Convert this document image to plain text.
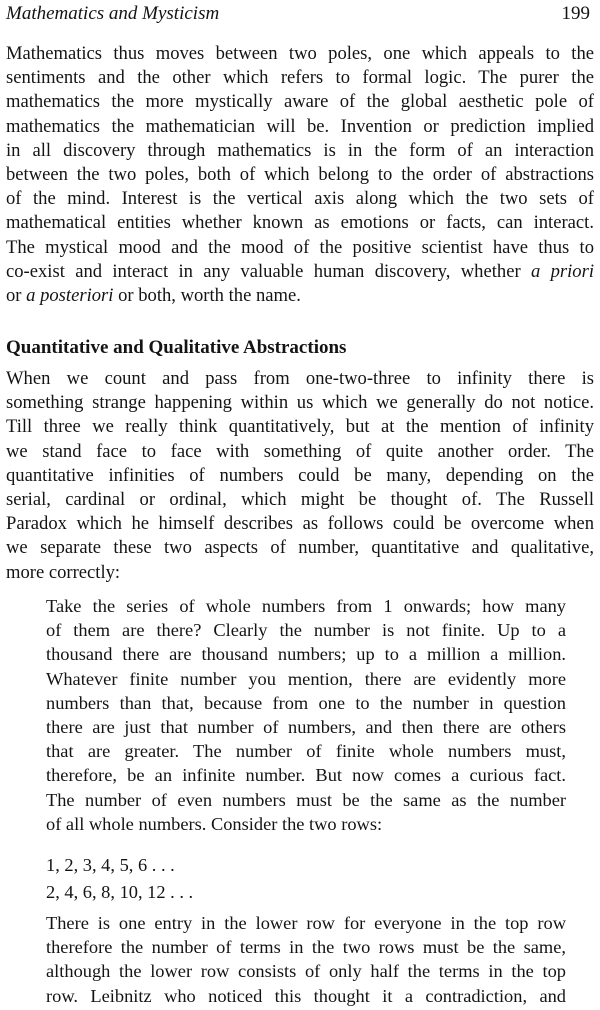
Mathematics and Mysticism	199

Mathematics thus moves between two poles, one which appeals to the
sentiments and the other which refers to formal logic. The purer the
mathematics the more mystically aware of the global aesthetic pole of
mathematics the mathematician will be. Invention or prediction implied
in all discovery through mathematics is in the form of an interaction
between the two poles, both of which belong to the order of abstractions
of the mind. Interest is the vertical axis along which the two sets of
mathematical entities whether known as emotions or facts, can interact.
The mystical mood and the mood of the positive scientist have thus to
co-exist and interact in any valuable human discovery, whether a priori
or a posteriori or both, worth the name.

Quantitative and Qualitative Abstractions

When we count and pass from one-two-three to infinity there is
something strange happening within us which we generally do not notice.
Till three we really think quantitatively, but at the mention of infinity
we stand face to face with something of quite another order. The
quantitative infinities of numbers could be many, depending on the
serial, cardinal or ordinal, which might be thought of. The Russell
Paradox which he himself describes as follows could be overcome when
we separate these two aspects of number, quantitative and qualitative,
more correctly:

Take the series of whole numbers from 1 onwards; how many
of them are there? Clearly the number is not finite. Up to a
thousand there are thousand numbers; up to a million a million.
Whatever finite number you mention, there are evidently more
numbers than that, because from one to the number in question
there are just that number of numbers, and then there are others
that are greater. The number of finite whole numbers must,
therefore, be an infinite number. But now comes a curious fact.
The number of even numbers must be the same as the number
of all whole numbers. Consider the two rows:

1, 2, 3, 4, 5, 6 . . .
2, 4, 6, 8, 10, 12 . . .

There is one entry in the lower row for everyone in the top row
therefore the number of terms in the two rows must be the same,
although the lower row consists of only half the terms in the top
row. Leibnitz who noticed this thought it a contradiction, and
